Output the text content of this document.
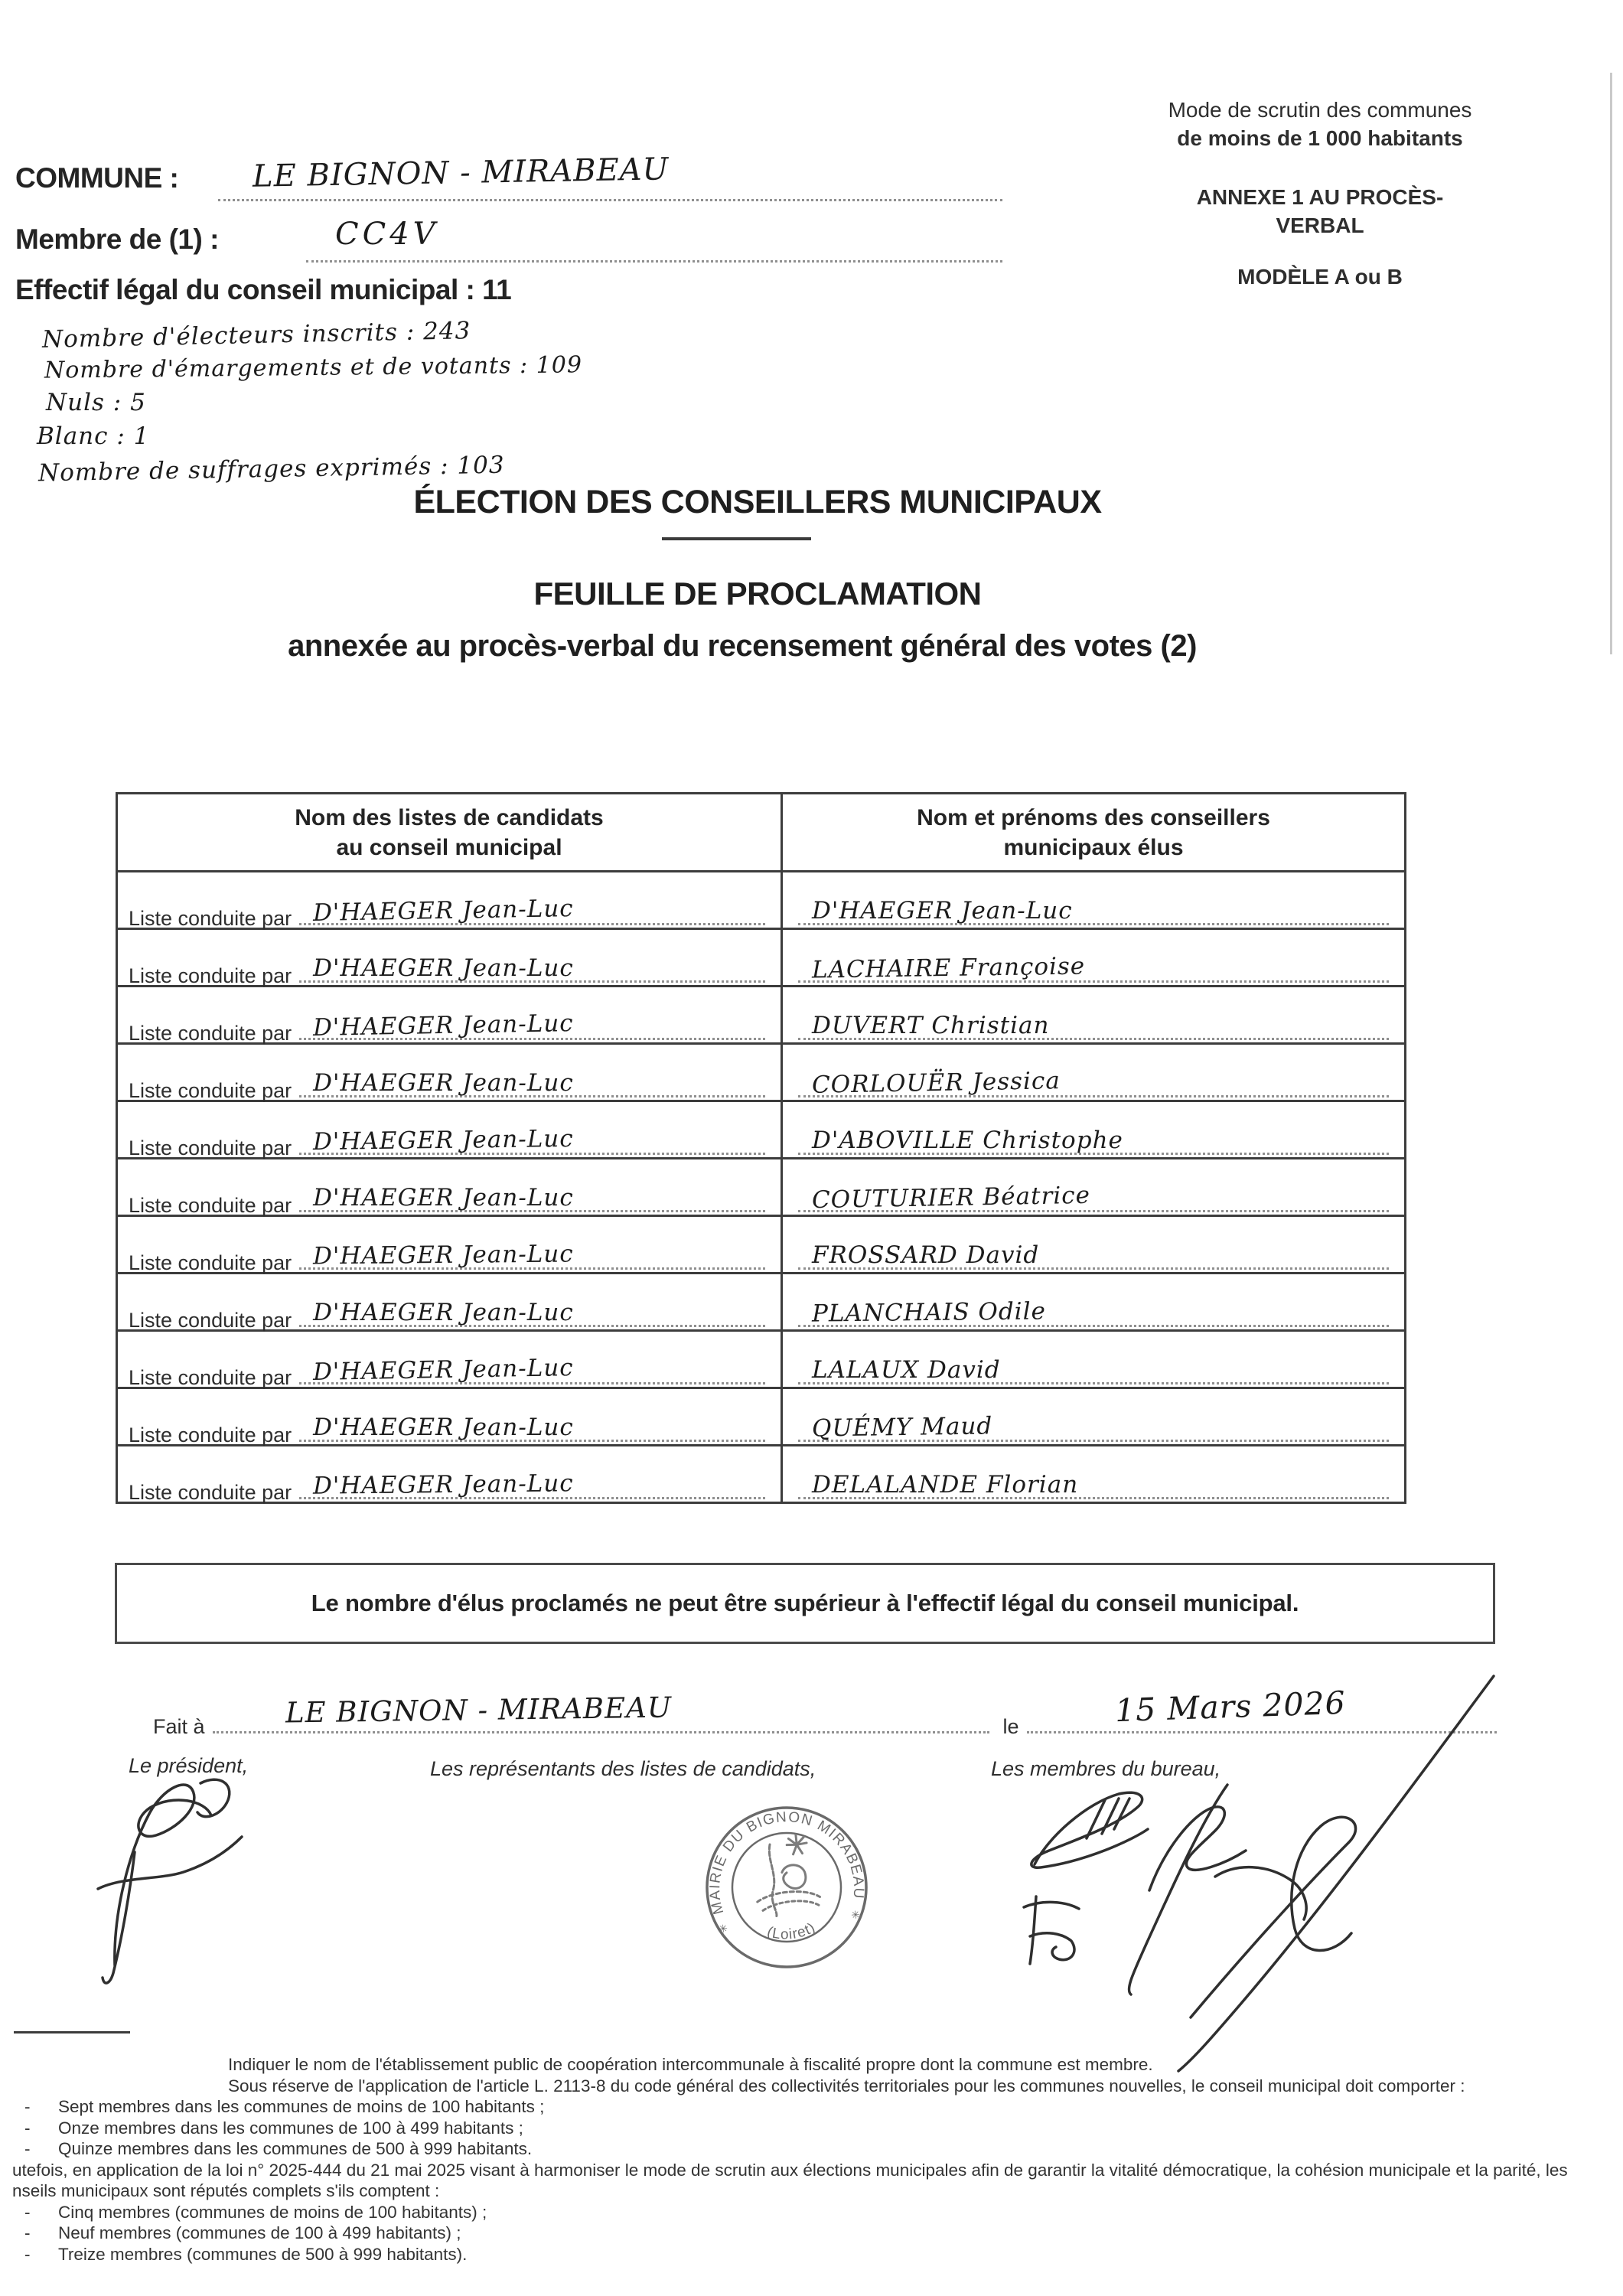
Mode de scrutin des communes
de moins de 1 000 habitants
ANNEXE 1 AU PROCÈS-VERBAL
MODÈLE A ou B
COMMUNE : LE BIGNON - MIRABEAU
Membre de (1) :	CC4V
Effectif légal du conseil municipal : 11
Nombre d'électeurs inscrits : 243
Nombre d'émargements et de votants : 109
Nuls : 5
Blanc : 1
Nombre de suffrages exprimés : 103
ÉLECTION DES CONSEILLERS MUNICIPAUX
FEUILLE DE PROCLAMATION
annexée au procès-verbal du recensement général des votes (2)
Nom des listes de candidats
au conseil municipal

Nom et prénoms des conseillers
municipaux élus

Liste conduite par D'HAEGER Jean-Luc	D'HAEGER Jean-Luc

Liste conduite par D'HAEGER Jean-Luc	LACHAIRE Françoise

Liste conduite par D'HAEGER Jean-Luc	DUVERT Christian

Liste conduite par D'HAEGER Jean-Luc	CORLOUËR Jessica

Liste conduite par D'HAEGER Jean-Luc	D'ABOVILLE Christophe

Liste conduite par D'HAEGER Jean-Luc	COUTURIER Béatrice

Liste conduite par D'HAEGER Jean-Luc	FROSSARD David

Liste conduite par D'HAEGER Jean-Luc	PLANCHAIS Odile

Liste conduite par D'HAEGER Jean-Luc	LALAUX David

Liste conduite par D'HAEGER Jean-Luc	QUÉMY Maud

Liste conduite par D'HAEGER Jean-Luc	DELALANDE Florian
Le nombre d'élus proclamés ne peut être supérieur à l'effectif légal du conseil municipal.
Fait à	LE BIGNON - MIRABEAU	le	15 Mars 2026
Le président,	Les représentants des listes de candidats,	Les membres du bureau,
MAIRIE DU BIGNON MIRABEAU
(Loiret)
✳
✳
Indiquer le nom de l'établissement public de coopération intercommunale à fiscalité propre dont la commune est membre.
Sous réserve de l'application de l'article L. 2113-8 du code général des collectivités territoriales pour les communes nouvelles, le conseil municipal doit comporter :
-	Sept membres dans les communes de moins de 100 habitants ;
-	Onze membres dans les communes de 100 à 499 habitants ;
-	Quinze membres dans les communes de 500 à 999 habitants.
utefois, en application de la loi n° 2025-444 du 21 mai 2025 visant à harmoniser le mode de scrutin aux élections municipales afin de garantir la vitalité démocratique, la cohésion municipale et la parité, les
nseils municipaux sont réputés complets s'ils comptent :
-	Cinq membres (communes de moins de 100 habitants) ;
-	Neuf membres (communes de 100 à 499 habitants) ;
-	Treize membres (communes de 500 à 999 habitants).
